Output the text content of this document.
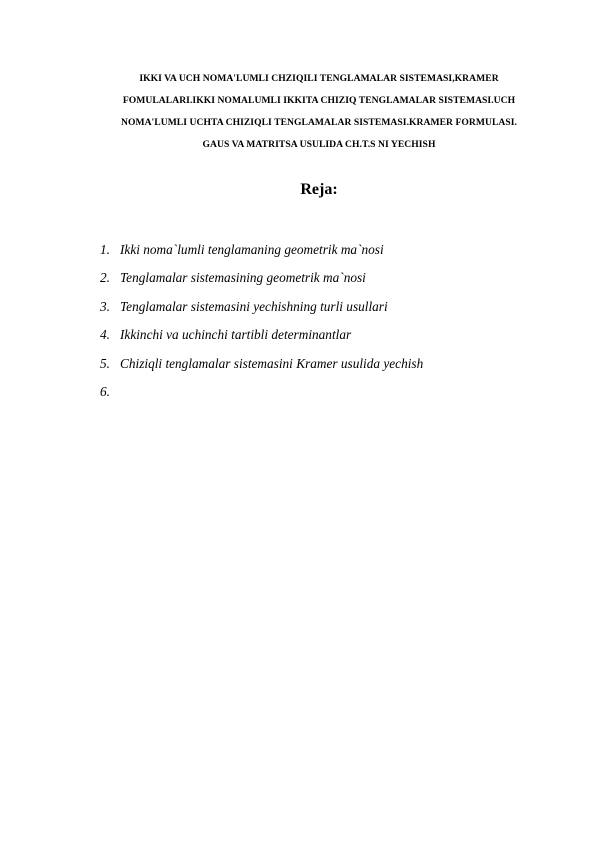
IKKI VA UCH NOMA'LUMLI CHZIQILI TENGLAMALAR SISTEMASI,KRAMER
FOMULALARI.IKKI NOMALUMLI IKKITA CHIZIQ TENGLAMALAR SISTEMASI.UCH
NOMA'LUMLI UCHTA CHIZIQLI TENGLAMALAR SISTEMASI.KRAMER FORMULASI.
GAUS VA MATRITSA USULIDA CH.T.S NI YECHISH
Reja:
1. Ikki noma`lumli tenglamaning geometrik ma`nosi
2. Tenglamalar sistemasining geometrik ma`nosi
3. Tenglamalar sistemasini yechishning turli usullari
4. Ikkinchi va uchinchi tartibli determinantlar
5. Chiziqli tenglamalar sistemasini Kramer usulida yechish
6.
